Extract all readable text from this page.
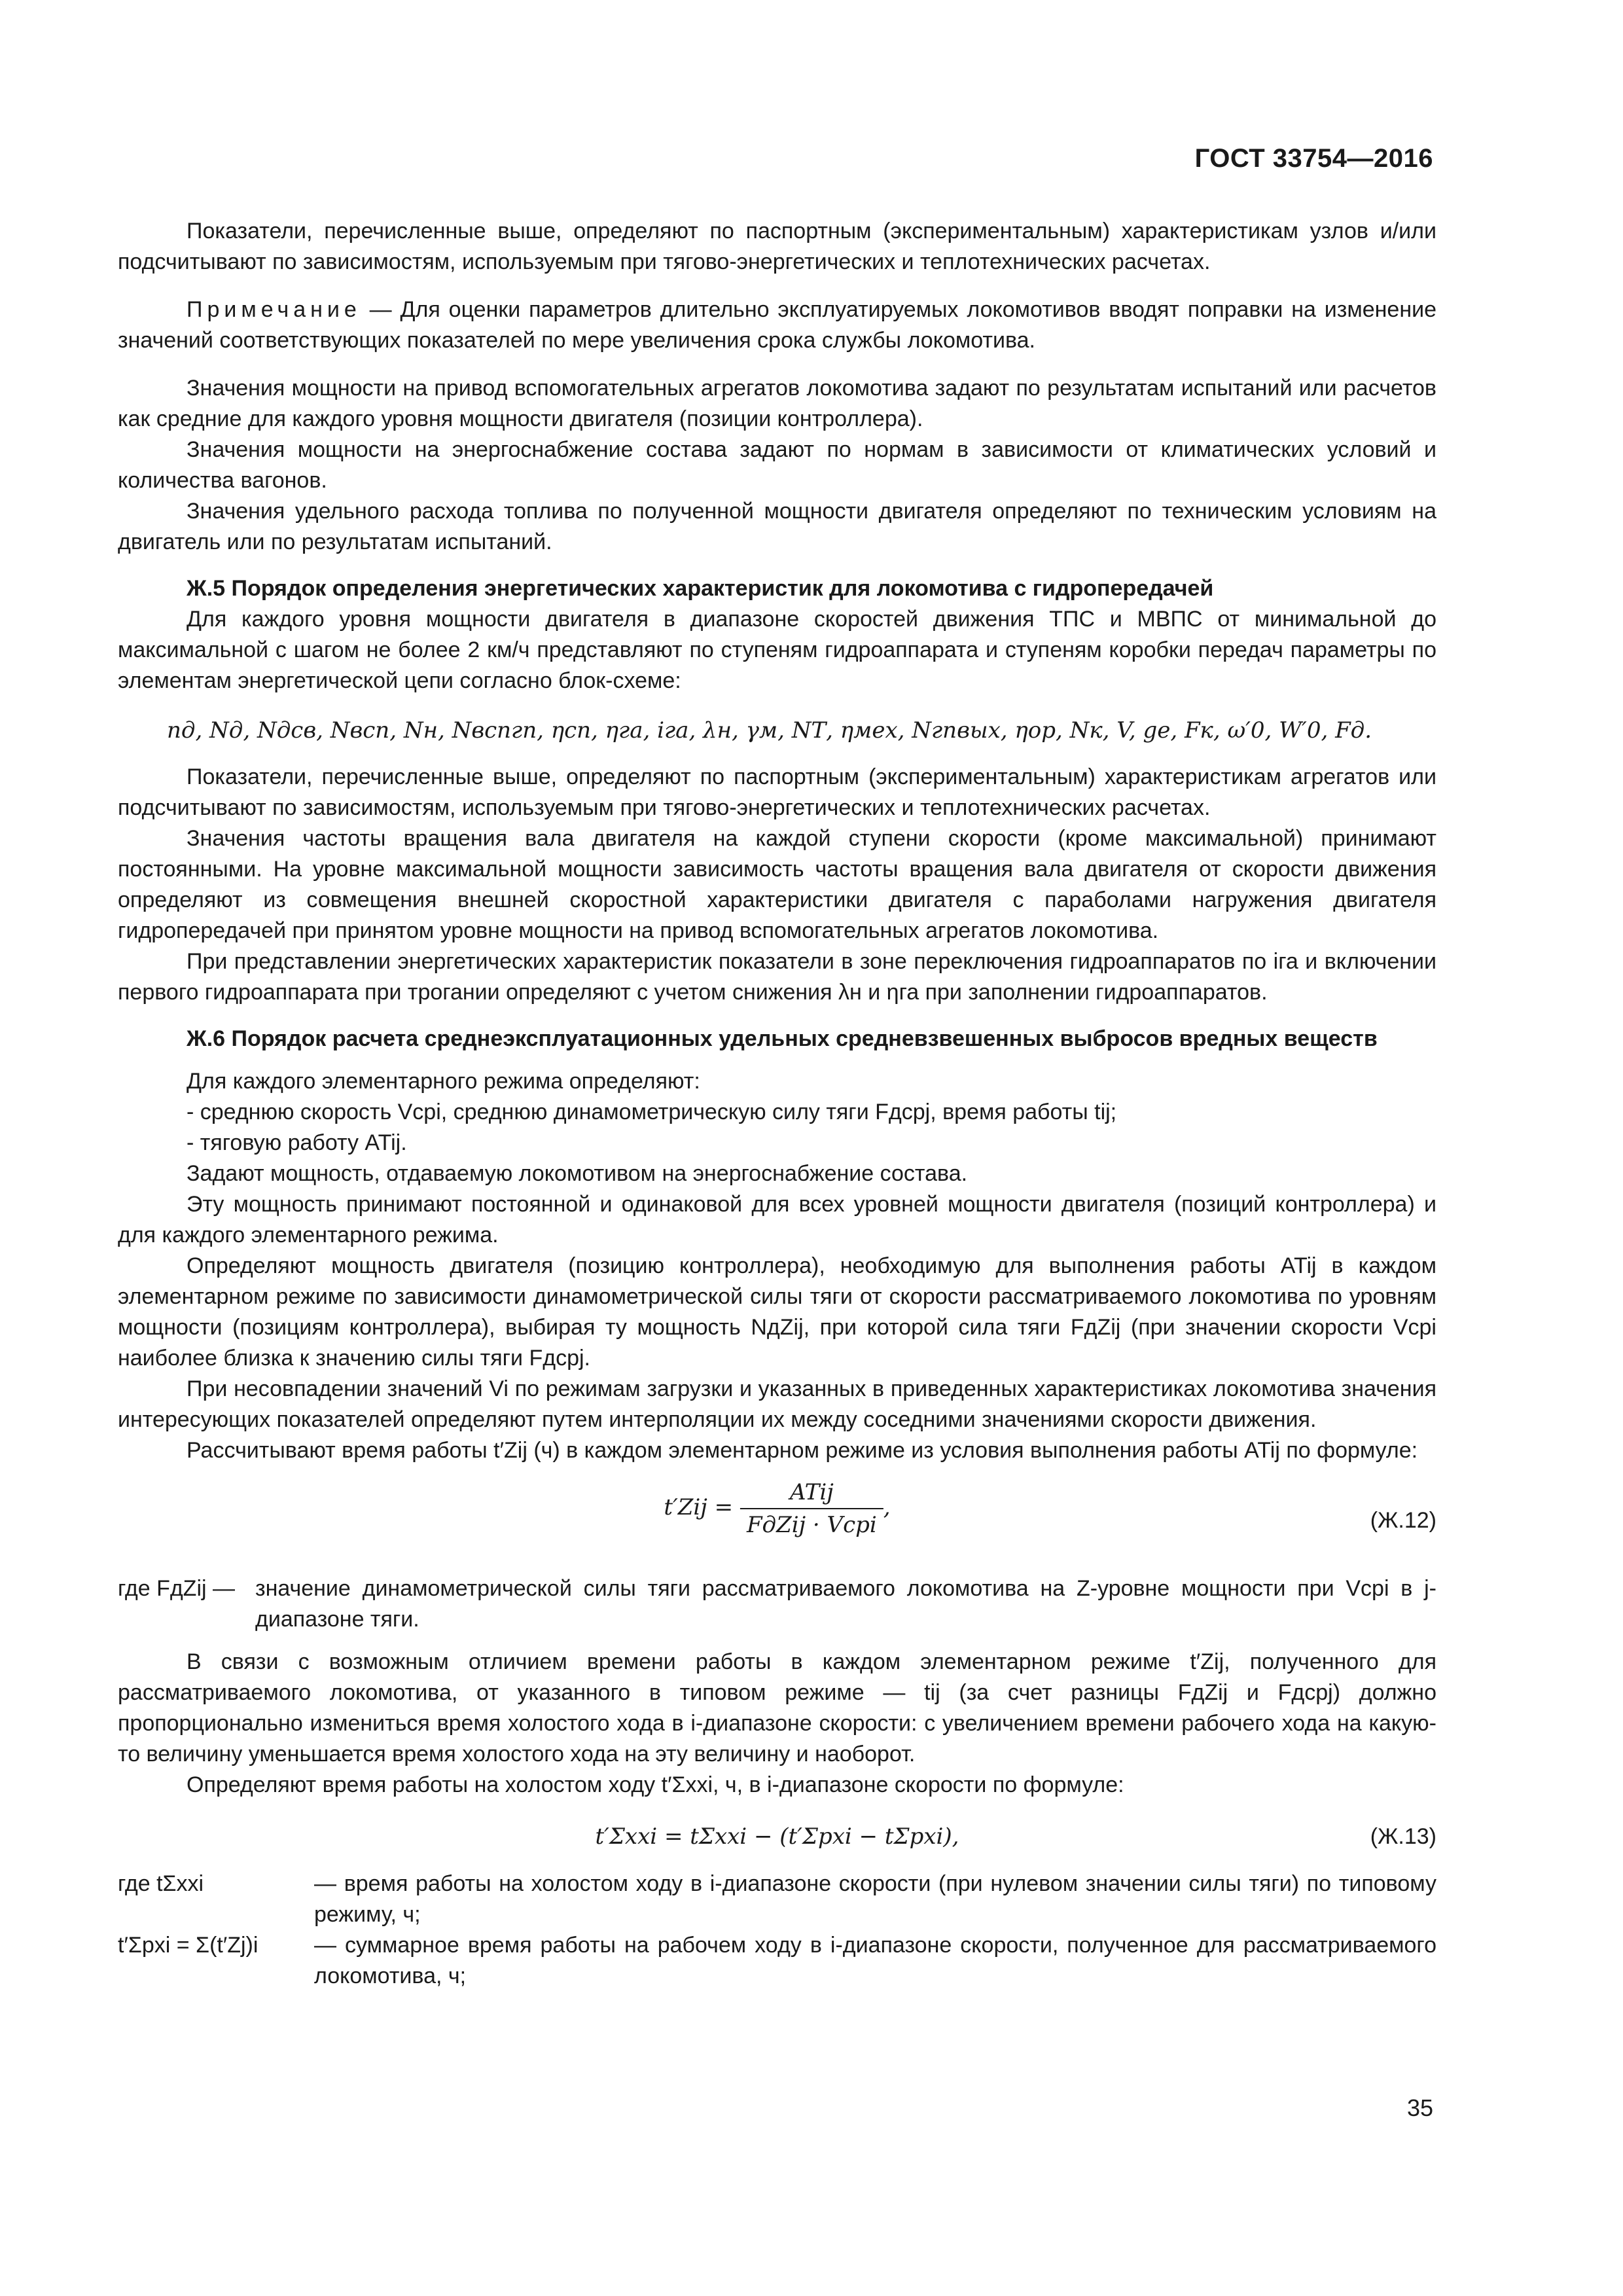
ГОСТ 33754—2016

Показатели, перечисленные выше, определяют по паспортным (экспериментальным) характеристикам узлов и/или подсчитывают по зависимостям, используемым при тягово-энергетических и теплотехнических расчетах.

Примечание — Для оценки параметров длительно эксплуатируемых локомотивов вводят поправки на изменение значений соответствующих показателей по мере увеличения срока службы локомотива.

Значения мощности на привод вспомогательных агрегатов локомотива задают по результатам испытаний или расчетов как средние для каждого уровня мощности двигателя (позиции контроллера).

Значения мощности на энергоснабжение состава задают по нормам в зависимости от климатических условий и количества вагонов.

Значения удельного расхода топлива по полученной мощности двигателя определяют по техническим условиям на двигатель или по результатам испытаний.

Ж.5 Порядок определения энергетических характеристик для локомотива с гидропередачей

Для каждого уровня мощности двигателя в диапазоне скоростей движения ТПС и МВПС от минимальной до максимальной с шагом не более 2 км/ч представляют по ступеням гидроаппарата и ступеням коробки передач параметры по элементам энергетической цепи согласно блок-схеме:

nд, Nд, Nдсв, Nвсп, Nн, Nвспгп, ηсп, ηга, iга, λн, γм, NТ, ηмех, Nгпвых, ηор, Nк, V, ge, Fк, ω′0, W′0, Fд.

Показатели, перечисленные выше, определяют по паспортным (экспериментальным) характеристикам агрегатов или подсчитывают по зависимостям, используемым при тягово-энергетических и теплотехнических расчетах.

Значения частоты вращения вала двигателя на каждой ступени скорости (кроме максимальной) принимают постоянными. На уровне максимальной мощности зависимость частоты вращения вала двигателя от скорости движения определяют из совмещения внешней скоростной характеристики двигателя с параболами нагружения двигателя гидропередачей при принятом уровне мощности на привод вспомогательных агрегатов локомотива.

При представлении энергетических характеристик показатели в зоне переключения гидроаппаратов по iга и включении первого гидроаппарата при трогании определяют с учетом снижения λн и ηга при заполнении гидроаппаратов.

Ж.6 Порядок расчета среднеэксплуатационных удельных средневзвешенных выбросов вредных веществ

Для каждого элементарного режима определяют:

- среднюю скорость Vсрi, среднюю динамометрическую силу тяги Fдсрj, время работы tij;

- тяговую работу ATij.

Задают мощность, отдаваемую локомотивом на энергоснабжение состава.

Эту мощность принимают постоянной и одинаковой для всех уровней мощности двигателя (позиций контроллера) и для каждого элементарного режима.

Определяют мощность двигателя (позицию контроллера), необходимую для выполнения работы ATij в каждом элементарном режиме по зависимости динамометрической силы тяги от скорости рассматриваемого локомотива по уровням мощности (позициям контроллера), выбирая ту мощность NдZij, при которой сила тяги FдZij (при значении скорости Vсрi наиболее близка к значению силы тяги Fдсрj.

При несовпадении значений Vi по режимам загрузки и указанных в приведенных характеристиках локомотива значения интересующих показателей определяют путем интерполяции их между соседними значениями скорости движения.

Рассчитывают время работы t′Zij (ч) в каждом элементарном режиме из условия выполнения работы ATij по формуле:

$t'Zij = \frac{\text{ATij}}{\text{FдZij · Vсрi}}$ ,	(Ж.12)
где FдZij — значение динамометрической силы тяги рассматриваемого локомотива на Z-уровне мощности при Vсрi в j-диапазоне тяги.

В связи с возможным отличием времени работы в каждом элементарном режиме t′Zij, полученного для рассматриваемого локомотива, от указанного в типовом режиме — tij (за счет разницы FдZij и Fдсрj) должно пропорционально измениться время холостого хода в i-диапазоне скорости: с увеличением времени рабочего хода на какую-то величину уменьшается время холостого хода на эту величину и наоборот.

Определяют время работы на холостом ходу t′Σxxi, ч, в i-диапазоне скорости по формуле:

t′Σxxi = tΣxxi − (t′Σpxi − tΣpxi),	(Ж.13)
где tΣxxi	— время работы на холостом ходу в i-диапазоне скорости (при нулевом значении силы тяги) по типовому режиму, ч;
t′Σpxi = Σ(t′Zj)i	— суммарное время работы на рабочем ходу в i-диапазоне скорости, полученное для рассматриваемого локомотива, ч;
35
